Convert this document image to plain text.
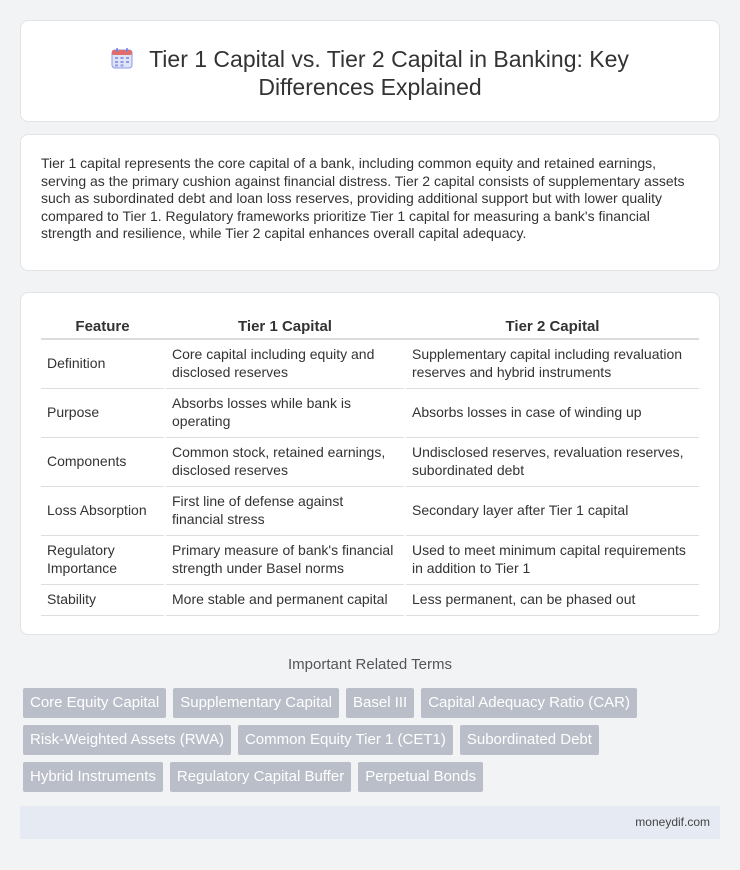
Tier 1 Capital vs. Tier 2 Capital in Banking: Key Differences Explained

Tier 1 capital represents the core capital of a bank, including common equity and retained earnings, serving as the primary cushion against financial distress. Tier 2 capital consists of supplementary assets such as subordinated debt and loan loss reserves, providing additional support but with lower quality compared to Tier 1. Regulatory frameworks prioritize Tier 1 capital for measuring a bank's financial strength and resilience, while Tier 2 capital enhances overall capital adequacy.

Feature	Tier 1 Capital	Tier 2 Capital
Definition	Core capital including equity and disclosed reserves	Supplementary capital including revaluation reserves and hybrid instruments
Purpose	Absorbs losses while bank is operating	Absorbs losses in case of winding up
Components	Common stock, retained earnings, disclosed reserves	Undisclosed reserves, revaluation reserves, subordinated debt
Loss Absorption	First line of defense against financial stress	Secondary layer after Tier 1 capital
Regulatory Importance	Primary measure of bank's financial strength under Basel norms	Used to meet minimum capital requirements in addition to Tier 1
Stability	More stable and permanent capital	Less permanent, can be phased out
Important Related Terms
Core Equity Capital	Supplementary Capital	Basel III	Capital Adequacy Ratio (CAR)
Risk-Weighted Assets (RWA)	Common Equity Tier 1 (CET1)	Subordinated Debt
Hybrid Instruments	Regulatory Capital Buffer	Perpetual Bonds
moneydif.com
